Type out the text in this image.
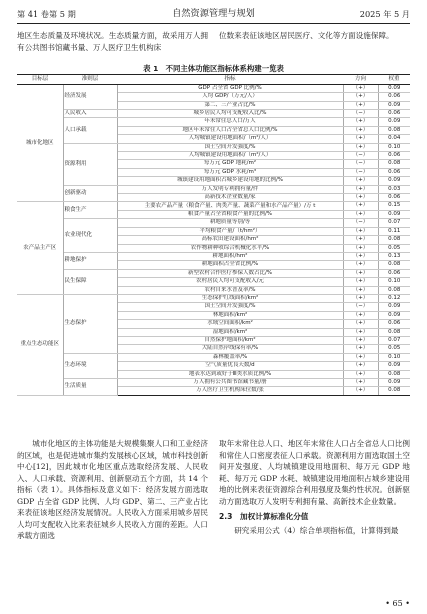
第 41 卷第 5 期	自然资源管理与规划	2025 年 5 月

地区生态质量及环境状况。生态质量方面，故采用万人拥有公共图书馆藏书量、万人医疗卫生机构床

位数来表征该地区居民医疗、文化等方面设施保障。

表 1　不同主体功能区指标体系构建一览表
目标层	准则层	指标	方向	权重
城市化地区	经济发展	GDP 占全省 GDP 比例/%	（+）	0.09
		人均 GDP/（万元/人）	（+）	0.06
		第二、三产业占比/%	（+）	0.09
	人民收入	城乡居民人均可支配收入比/%	（−）	0.06
	人口承载	年末常住总人口/万人	（+）	0.09
		地区年末常住人口占全省总人口比例/%	（+）	0.08
		人均城镇建设用地面积/（m²/人）	（+）	0.04
	资源利用	国土空间开发强度/%	（+）	0.10
		人均城镇建设用地面积/（m²/人）	（−）	0.06
		每万元 GDP 地耗/m²	（−）	0.08
		每万元 GDP 水耗/m³	（−）	0.06
		城镇建设用地面积占城乡建设用地的比例/%	（+）	0.09
	创新驱动	万人发明专利拥有量/件	（+）	0.03
		高新技术企业数量/家	（+）	0.06
农产品主产区	粮食生产	主要农产品产量（粮食产量、肉类产量、蔬菜产量和水产品产量）/万 t	（+）	0.15
		粮食产量占全省粮食产量的比例/%	（+）	0.09
	农业现代化	耕地质量等别/等	（−）	0.07
		平均粮食产量/（t/hm²）	（+）	0.11
		高标农田建设面积/hm²	（+）	0.08
		农作物耕种收综合机械化水平/%	（+）	0.05
	耕地保护	耕地面积/hm²	（+）	0.13
		耕地面积占全省比例/%	（+）	0.08
	民生保障	新型农村合作医疗参保人数占比/%	（+）	0.06
		农村居民人均可支配收入/元	（+）	0.10
		农村自来水普及率/%	（+）	0.08
重点生态功能区	生态保护	生态保护红线面积/km²	（+）	0.12
		国土空间开发强度/%	（−）	0.09
		林地面积/km²	（+）	0.09
		水域空间面积/km²	（+）	0.06
		湿地面积/km²	（+）	0.08
		自然保护地面积/km²	（+）	0.07
		大陆自然岸线保有率/%	（+）	0.05
	生态环境	森林覆盖率/%	（+）	0.10
		空气质量优良天数/d	（+）	0.09
		地表水达到或好于Ⅲ类水质比例/%	（+）	0.08
	生活质量	万人拥有公共图书馆藏书量/册	（+）	0.09
		万人医疗卫生机构床位数/张	（+）	0.08

城市化地区的主体功能是大规模集聚人口和工业经济的区域，也是促进城市集约发展核心区域，城市科技创新中心[12]，因此城市化地区重点选取经济发展、人民收入、人口承载、资源利用、创新驱动五个方面，共 14 个指标（表 1）。具体指标及意义如下：经济发展方面选取 GDP 占全省 GDP 比例、人均 GDP、第二、三产业占比来表征该地区经济发展情况。人民收入方面采用城乡居民人均可支配收入比来表征城乡人民收入方面的差距。人口承载方面选

取年末常住总人口、地区年末常住人口占全省总人口比例和常住人口密度表征人口承载。资源利用方面选取国土空间开发强度、人均城镇建设用地面积、每万元 GDP 地耗、每万元 GDP 水耗、城镇建设用地面积占城乡建设用地的比例来表征资源综合利用强度及集约性状况。创新驱动方面选取万人发明专利拥有量、高新技术企业数量。

2.3　加权计算标准化分值

研究采用公式（4）综合单项指标值，计算得到最

• 65 •
